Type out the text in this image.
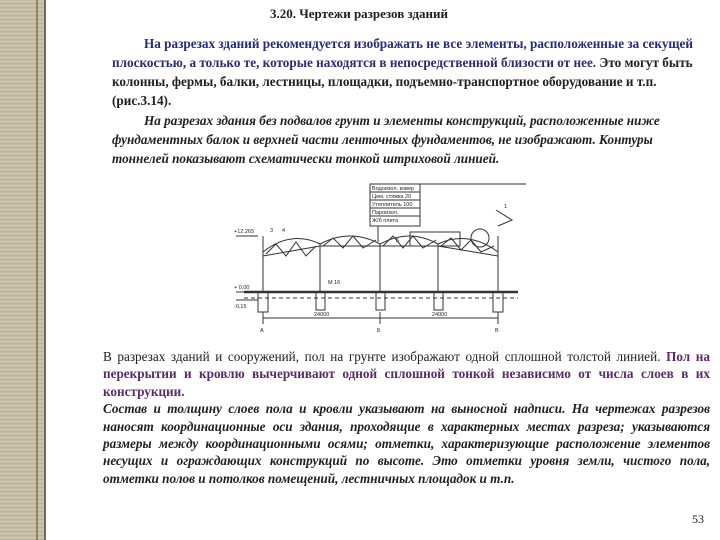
3.20. Чертежи разрезов зданий
На разрезах зданий рекомендуется изображать не все элементы, расположенные за секущей плоскостью, а только те, которые находятся в непосредственной близости от нее. Это могут быть колонны, фермы, балки, лестницы, площадки, подъемно-транспортное оборудование и т.п. (рис.3.14).
На разрезах здания без подвалов грунт и элементы конструкций, расположенные ниже фундаментных балок и верхней части ленточных фундаментов, не изображают. Контуры тоннелей показывают схематически тонкой штриховой линией.
Водоизол. ковер
Цем. стяжка 20
Утеплитель 100
Пароизол.
Ж/б плита
+12.265
+ 0,00
-0,15
24000	24000
А	Б	В
3 4
5
1
М 16
В разрезах зданий и сооружений, пол на грунте изображают одной сплошной толстой линией. Пол на перекрытии и кровлю вычерчивают одной сплошной тонкой независимо от числа слоев в их конструкции.
Состав и толщину слоев пола и кровли указывают на выносной надписи. На чертежах разрезов наносят координационные оси здания, проходящие в характерных местах разреза; указываются размеры между координационными осями; отметки, характеризующие расположение элементов несущих и ограждающих конструкций по высоте. Это отметки уровня земли, чистого пола, отметки полов и потолков помещений, лестничных площадок и т.п.
53
